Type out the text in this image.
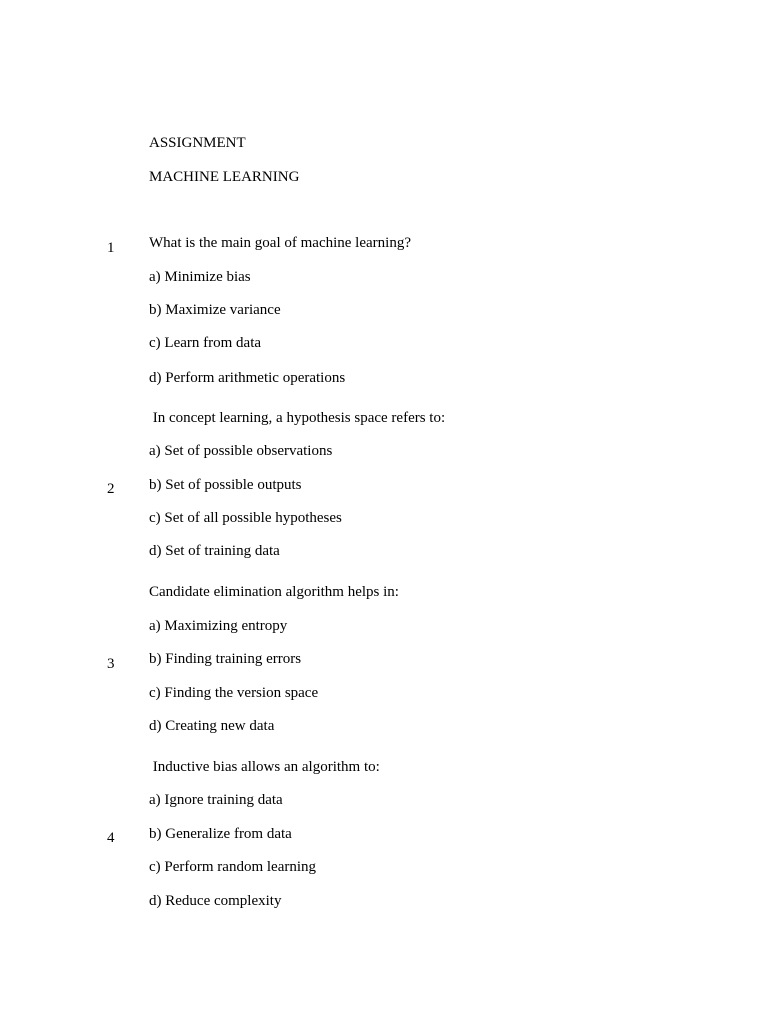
ASSIGNMENT
MACHINE LEARNING
1 What is the main goal of machine learning?
a) Minimize bias
b) Maximize variance
c) Learn from data
d) Perform arithmetic operations
In concept learning, a hypothesis space refers to:
a) Set of possible observations
2 b) Set of possible outputs
c) Set of all possible hypotheses
d) Set of training data
Candidate elimination algorithm helps in:
a) Maximizing entropy
3 b) Finding training errors
c) Finding the version space
d) Creating new data
Inductive bias allows an algorithm to:
a) Ignore training data
4 b) Generalize from data
c) Perform random learning
d) Reduce complexity
